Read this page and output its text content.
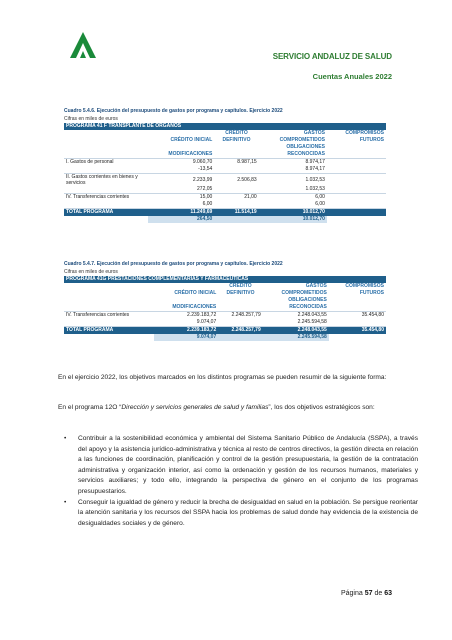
SERVICIO ANDALUZ DE SALUD
Cuentas Anuales 2022
Cuadro 5.4.6. Ejecución del presupuesto de gastos por programa y capítulos. Ejercicio 2022
Cifras en miles de euros
PROGRAMA 41 F TRANSPLANTE DE ÓRGANOS				
		CRÉDITO	GASTOS	COMPROMISOS
	CRÉDITO INICIAL	DEFINITIVO	COMPROMETIDOS	FUTUROS
			OBLIGACIONES	
	MODIFICACIONES		RECONOCIDAS	
I. Gastos de personal	9.060,70	8.987,15	8.974,17	
	-13,54		8.974,17	
II. Gastos corrientes en bienes y servicios	2.233,99	2.506,83	1.032,53	
	272,05		1.032,53	
IV. Transferencias corrientes	15,00	21,00	6,00	
	6,00		6,00	
TOTAL PROGRAMA	11.249,69	11.514,19	10.012,70	
	264,50		10.012,70	
Cuadro 5.4.7. Ejecución del presupuesto de gastos por programa y capítulos. Ejercicio 2022
Cifras en miles de euros
PROGRAMA 41G PRESTACIONES COMPLEMENTARIAS Y FARMACÉUTICAS				
		CRÉDITO	GASTOS	COMPROMISOS
	CRÉDITO INICIAL	DEFINITIVO	COMPROMETIDOS	FUTUROS
			OBLIGACIONES	
	MODIFICACIONES		RECONOCIDAS	
IV. Transferencias corrientes	2.239.183,72	2.248.257,79	2.248.043,55	35.454,80
	9.074,07		2.245.594,58	
TOTAL PROGRAMA	2.239.183,72	2.248.257,79	2.248.043,55	35.454,80
	9.074,07		2.245.594,58	
En el ejercicio 2022, los objetivos marcados en los distintos programas se pueden resumir de la siguiente forma:
En el programa 12O “Dirección y servicios generales de salud y familias”, los dos objetivos estratégicos son:
• Contribuir a la sostenibilidad económica y ambiental del Sistema Sanitario Público de Andalucía (SSPA), a través del apoyo y la asistencia jurídico-administrativa y técnica al resto de centros directivos, la gestión directa en relación a las funciones de coordinación, planificación y control de la gestión presupuestaria, la gestión de la contratación administrativa y organización interior, así como la ordenación y gestión de los recursos humanos, materiales y servicios auxiliares; y todo ello, integrando la perspectiva de género en el conjunto de los programas presupuestarios.
• Conseguir la igualdad de género y reducir la brecha de desigualdad en salud en la población. Se persigue reorientar la atención sanitaria y los recursos del SSPA hacia los problemas de salud donde hay evidencia de la existencia de desigualdades sociales y de género.
Página 57 de 63
